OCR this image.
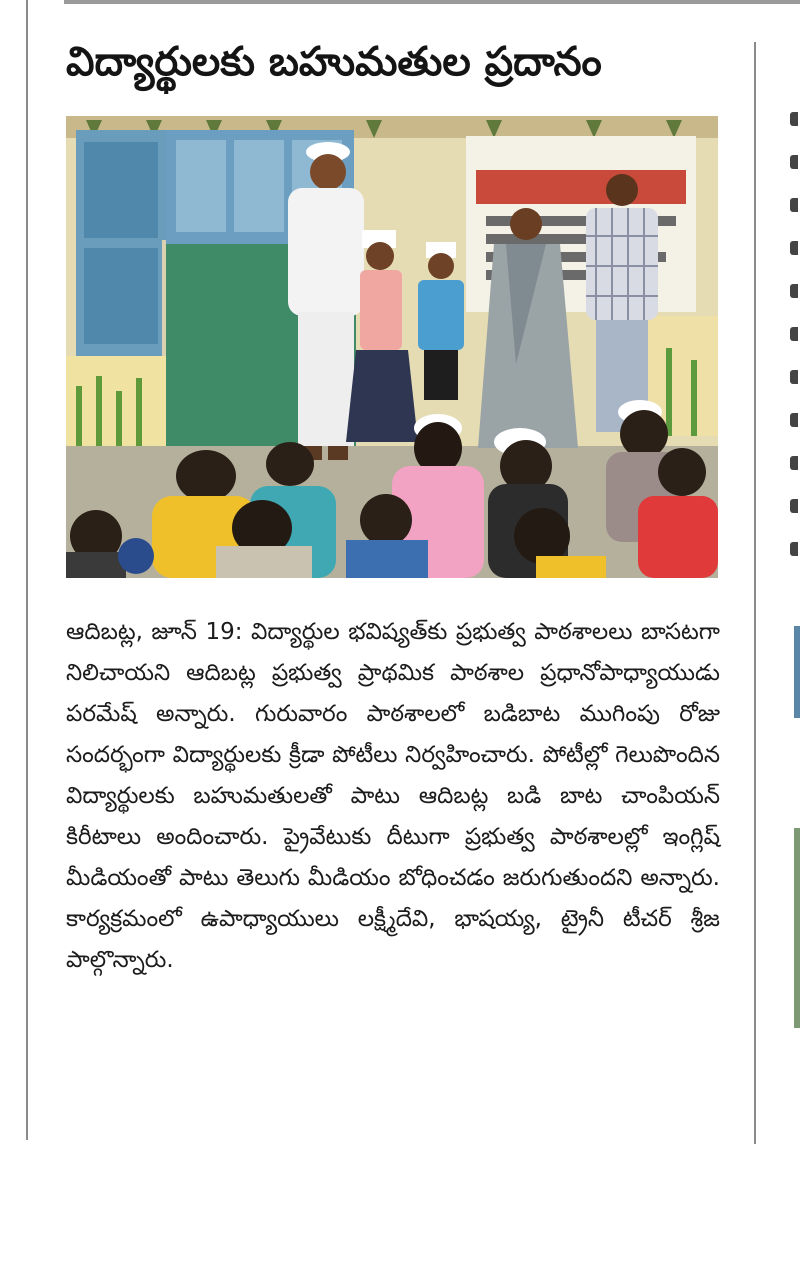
విద్యార్థులకు బహుమతుల ప్రదానం

ఆదిబట్ల, జూన్ 19: విద్యార్థుల భవిష్యత్‌కు ప్రభుత్వ పాఠశాలలు బాసటగా నిలిచాయని ఆదిబట్ల ప్రభుత్వ ప్రాథమిక పాఠశాల ప్రధానోపాధ్యాయుడు పరమేష్ అన్నారు. గురువారం పాఠశాలలో బడిబాట ముగింపు రోజు సందర్భంగా విద్యార్థులకు క్రీడా పోటీలు నిర్వహించారు. పోటీల్లో గెలుపొందిన విద్యార్థులకు బహుమతులతో పాటు ఆదిబట్ల బడి బాట చాంపియన్ కిరీటాలు అందించారు. ప్రైవేటుకు దీటుగా ప్రభుత్వ పాఠశాలల్లో ఇంగ్లిష్ మీడియంతో పాటు తెలుగు మీడియం బోధించడం జరుగుతుందని అన్నారు. కార్యక్రమంలో ఉపాధ్యాయులు లక్ష్మీదేవి, భాషయ్య, ట్రైనీ టీచర్ శ్రీజ పాల్గొన్నారు.
